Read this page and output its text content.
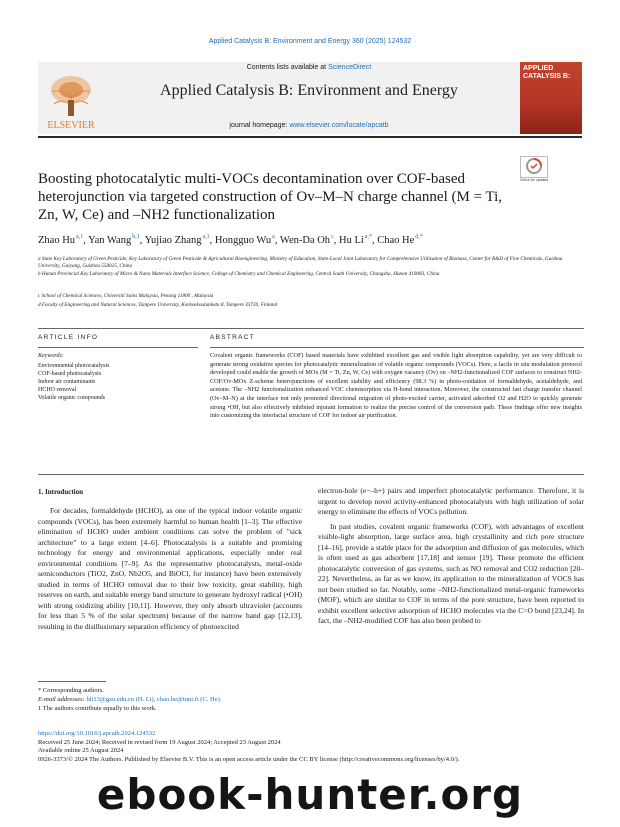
Applied Catalysis B: Environment and Energy 360 (2025) 124532
ELSEVIER
Contents lists available at ScienceDirect
Applied Catalysis B: Environment and Energy
journal homepage: www.elsevier.com/locate/apcatb
APPLIED CATALYSIS B:
Check for updates
Boosting photocatalytic multi-VOCs decontamination over COF-based heterojunction via targeted construction of Ov–M–N charge channel (M = Ti, Zn, W, Ce) and –NH2 functionalization
Zhao Hu$^{a,1}$, Yan Wang$^{b,1}$, Yujiao Zhang$^{a,1}$, Hongguo Wu$^a$, Wen-Da Oh$^c$, Hu $Li^{a,*}$, Chao $He^{d,*}$
a State Key Laboratory of Green Pesticide, Key Laboratory of Green Pesticide & Agricultural Bioengineering, Ministry of Education, State-Local Joint Laboratory for Comprehensive Utilization of Biomass, Center for R&D of Fine Chemicals, Guizhou University, Guiyang, Guizhou 550025, China
b Hunan Provincial Key Laboratory of Micro & Nano Materials Interface Science, College of Chemistry and Chemical Engineering, Central South University, Changsha, Hunan 410083, China
c School of Chemical Sciences, Universiti Sains Malaysia, Penang 11800 , Malaysia
d Faculty of Engineering and Natural Sciences, Tampere University, Korkeakoulunkatu 8, Tampere 33720, Finland
ARTICLE INFO	ABSTRACT
Keywords:
Environmental photocatalysis
COF-based photocatalysts
Indoor air contaminants
HCHO removal
Volatile organic compounds
Covalent organic frameworks (COF) based materials have exhibited excellent gas and visible light absorption capability, yet are very difficult to generate strong oxidative species for photocatalytic mineralization of volatile organic compounds (VOCs). Here, a facile in situ modulation protocol developed could enable the growth of MOx (M = Ti, Zn, W, Ce) with oxygen vacancy (Ov) on –NH2-functionalized COF surfaces to construct NH2-COF/Ov-MOx Z-scheme heterojunctions of excellent stability and efficiency (98.3 %) in photo-oxidation of formaldehyde, acetaldehyde, and acetone. The –NH2 functionalization enhanced VOC chemisorption via H-bond interaction. Moreover, the constructed fast charge transfer channel (Ov–M–N) at the interface not only promoted directional migration of photo-excited carrier, activated adsorbed O2 and H2O to quickly generate strong •OH, but also effectively inhibited injurant formation to realize the precise control of the conversion path. These findings offer new insights into customizing the interfacial structure of COF for indoor air purification.
1. Introduction

For decades, formaldehyde (HCHO), as one of the typical indoor volatile organic compounds (VOCs), has been extremely harmful to human health [1–3]. The effective elimination of HCHO under ambient conditions can solve the problem of "sick architecture" to a large extent [4–6]. Photocatalysis is a suitable and promising technology for energy and environmental applications, especially under real environmental conditions [7–9]. As the representative photocatalysts, metal-oxide semiconductors (TiO2, ZnO, Nb2O5, and BiOCl, for instance) have been extensively studied in terms of HCHO removal due to their low toxicity, great stability, high reserves on earth, and suitable energy band structure to generate hydroxyl radical (•OH) with strong oxidizing ability [10,11]. However, they only absorb ultraviolet (accounts for less than 5 % of the solar spectrum) because of the narrow band gap [12,13], resulting in the disillusionary separation efficiency of photoexcited

electron-hole (e−–h+) pairs and imperfect photocatalytic performance. Therefore, it is urgent to develop novel activity-enhanced photocatalysts with high utilization of solar energy to eliminate the effects of VOCs pollution.

In past studies, covalent organic frameworks (COF), with advantages of excellent visible-light absorption, large surface area, high crystallinity and rich pore structure [14–16], provide a stable place for the adsorption and diffusion of gas molecules, which is often used as gas adsorbent [17,18] and sensor [19]. These promote the efficient photocatalytic conversion of gas systems, such as NO removal and CO2 reduction [20–22]. Nevertheless, as far as we know, its application to the mineralization of VOCS has not been studied so far. Notably, some –NH2-functionalized metal-organic frameworks (MOF), which are similar to COF in terms of the pore structure, have been reported to exhibit excellent selective adsorption of HCHO molecules via the C=O bond [23,24]. In fact, the –NH2-modified COF has also been probed to

* Corresponding authors.
E-mail addresses: hli13@gzu.edu.cn (H. Li), chao.he@tuni.fi (C. He).
1 The authors contribute equally to this work.
https://doi.org/10.1016/j.apcatb.2024.124532
Received 25 June 2024; Received in revised form 19 August 2024; Accepted 23 August 2024
Available online 25 August 2024
0926-3373/© 2024 The Authors. Published by Elsevier B.V. This is an open access article under the CC BY license (http://creativecommons.org/licenses/by/4.0/).
ebook-hunter.org
